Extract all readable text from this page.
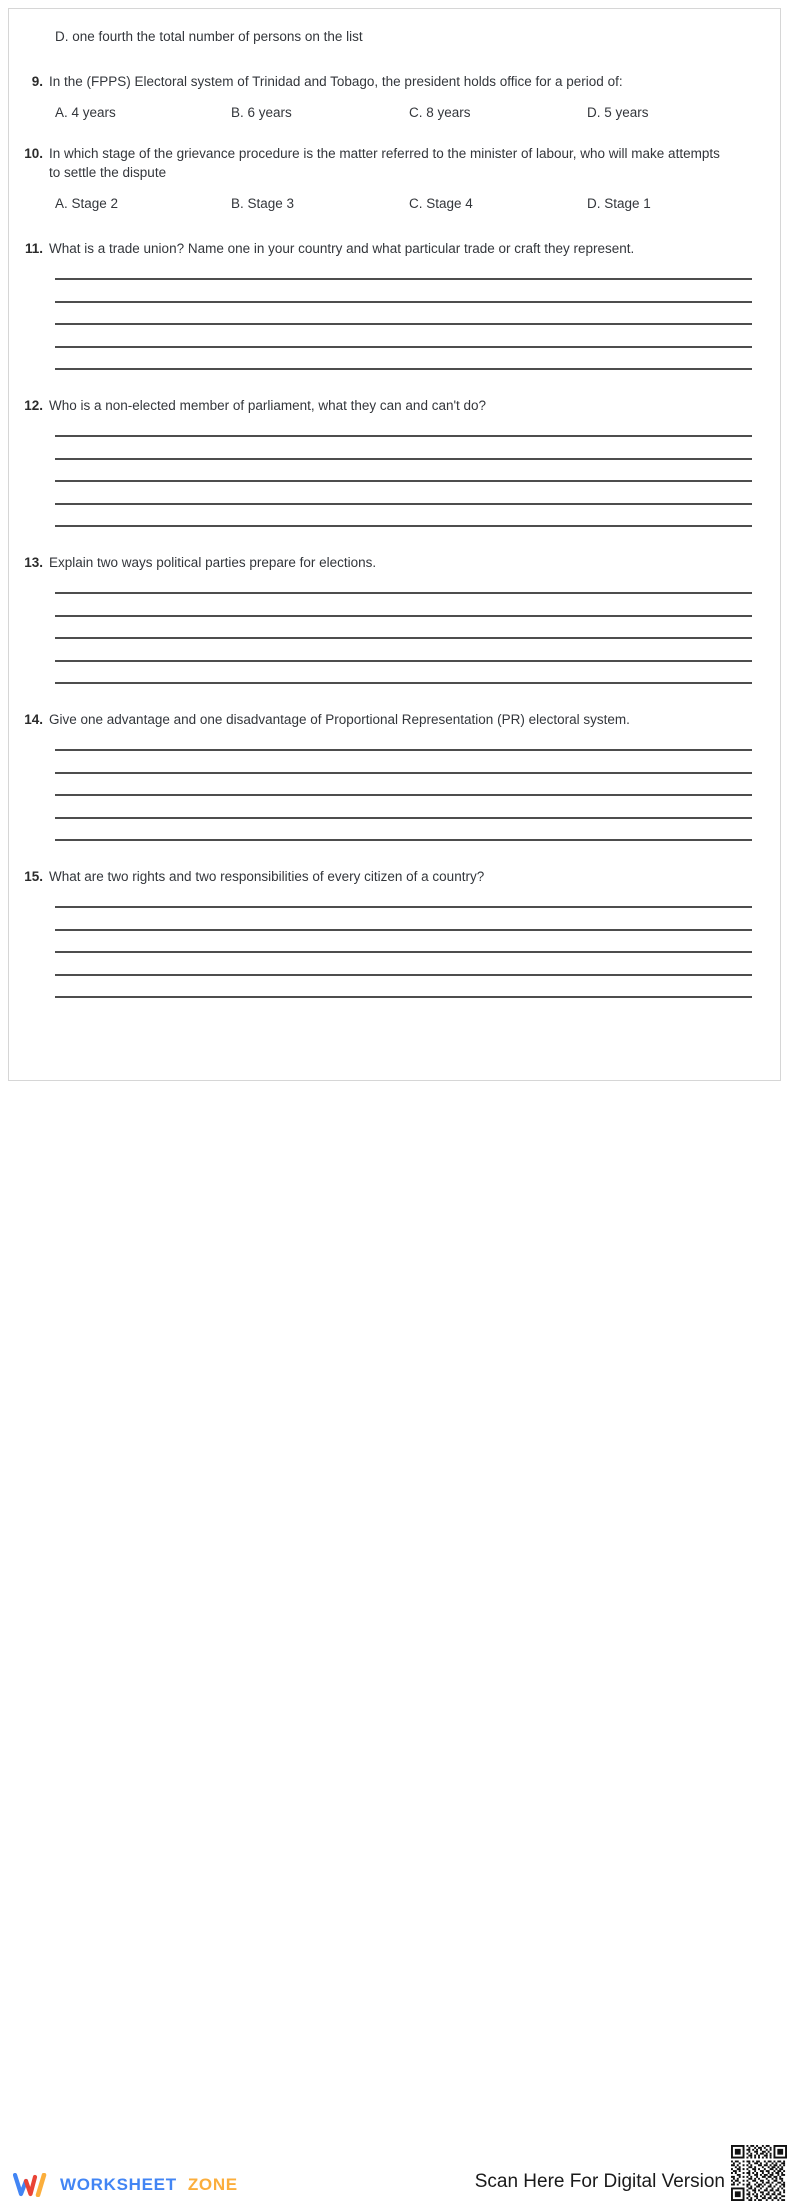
D. one fourth the total number of persons on the list
9. In the (FPPS) Electoral system of Trinidad and Tobago, the president holds office for a period of:
A. 4 years	B. 6 years	C. 8 years	D. 5 years
10. In which stage of the grievance procedure is the matter referred to the minister of labour, who will make attempts to settle the dispute
A. Stage 2	B. Stage 3	C. Stage 4	D. Stage 1
11. What is a trade union? Name one in your country and what particular trade or craft they represent.
12. Who is a non-elected member of parliament, what they can and can't do?
13. Explain two ways political parties prepare for elections.
14. Give one advantage and one disadvantage of Proportional Representation (PR) electoral system.
15. What are two rights and two responsibilities of every citizen of a country?
WORKSHEET ZONE	Scan Here For Digital Version
